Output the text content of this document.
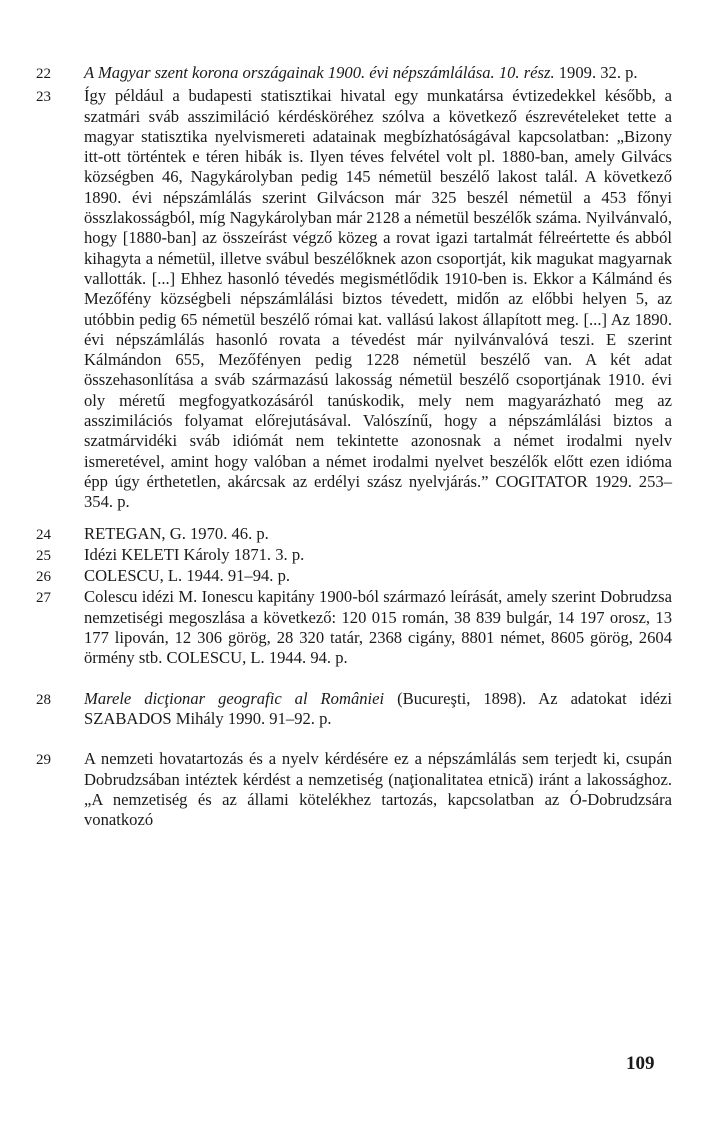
22	A Magyar szent korona országainak 1900. évi népszámlálása. 10. rész. 1909. 32. p.

23	Így például a budapesti statisztikai hivatal egy munkatársa évtizedekkel később, a szatmári sváb asszimiláció kérdésköréhez szólva a következő észrevételeket tette a magyar statisztika nyelvismereti adatainak megbízhatóságával kapcsolatban: „Bizony itt-ott történtek e téren hibák is. Ilyen téves felvétel volt pl. 1880-ban, amely Gilvács községben 46, Nagykárolyban pedig 145 németül beszélő lakost talál. A következő 1890. évi népszámlálás szerint Gilvácson már 325 beszél németül a 453 főnyi összlakosságból, míg Nagykárolyban már 2128 a németül beszélők száma. Nyilvánvaló, hogy [1880-ban] az összeírást végző közeg a rovat igazi tartalmát félreértette és abból kihagyta a németül, illetve svábul beszélőknek azon csoportját, kik magukat magyarnak vallották. [...] Ehhez hasonló tévedés megismétlődik 1910-ben is. Ekkor a Kálmánd és Mezőfény községbeli népszámlálási biztos tévedett, midőn az előbbi helyen 5, az utóbbin pedig 65 németül beszélő római kat. vallású lakost állapított meg. [...] Az 1890. évi népszámlálás hasonló rovata a tévedést már nyilvánvalóvá teszi. E szerint Kálmándon 655, Mezőfényen pedig 1228 németül beszélő van. A két adat összehasonlítása a sváb származású lakosság németül beszélő csoportjának 1910. évi oly méretű megfogyatkozásáról tanúskodik, mely nem magyarázható meg az asszimilációs folyamat előrejutásával. Valószínű, hogy a népszámlálási biztos a szatmárvidéki sváb idiómát nem tekintette azonosnak a német irodalmi nyelv ismeretével, amint hogy valóban a német irodalmi nyelvet beszélők előtt ezen idióma épp úgy érthetetlen, akárcsak az erdélyi szász nyelvjárás.” COGITATOR 1929. 253–354. p.

24	RETEGAN, G. 1970. 46. p.

25	Idézi KELETI Károly 1871. 3. p.

26	COLESCU, L. 1944. 91–94. p.

27	Colescu idézi M. Ionescu kapitány 1900-ból származó leírását, amely szerint Dobrudzsa nemzetiségi megoszlása a következő: 120 015 román, 38 839 bulgár, 14 197 orosz, 13 177 lipován, 12 306 görög, 28 320 tatár, 2368 cigány, 8801 német, 8605 görög, 2604 örmény stb. COLESCU, L. 1944. 94. p.

28	Marele dicţionar geografic al României (Bucureşti, 1898). Az adatokat idézi SZABADOS Mihály 1990. 91–92. p.

29	A nemzeti hovatartozás és a nyelv kérdésére ez a népszámlálás sem terjedt ki, csupán Dobrudzsában intéztek kérdést a nemzetiség (naţionalitatea etnică) iránt a lakossághoz. „A nemzetiség és az állami kötelékhez tartozás, kapcsolatban az Ó-Dobrudzsára vonatkozó

109
